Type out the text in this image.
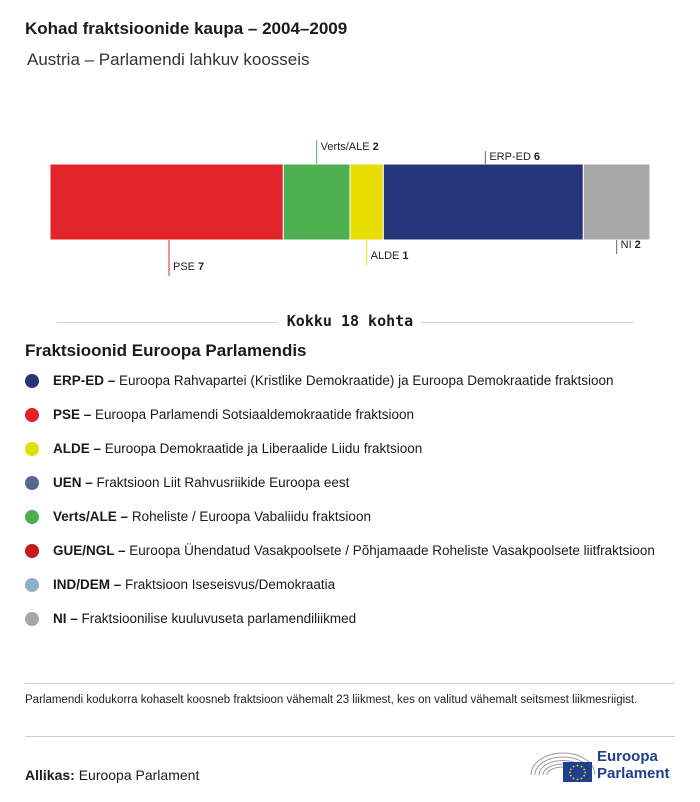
Kohad fraktsioonide kaupa – 2004–2009
Austria – Parlamendi lahkuv koosseis
PSE 7
Verts/ALE 2
ALDE 1
ERP-ED 6
NI 2
Kokku 18 kohta
Fraktsioonid Euroopa Parlamendis
ERP-ED – Euroopa Rahvapartei (Kristlike Demokraatide) ja Euroopa Demokraatide fraktsioon
PSE – Euroopa Parlamendi Sotsiaaldemokraatide fraktsioon
ALDE – Euroopa Demokraatide ja Liberaalide Liidu fraktsioon
UEN – Fraktsioon Liit Rahvusriikide Euroopa eest
Verts/ALE – Roheliste / Euroopa Vabaliidu fraktsioon
GUE/NGL – Euroopa Ühendatud Vasakpoolsete / Põhjamaade Roheliste Vasakpoolsete liitfraktsioon
IND/DEM – Fraktsioon Iseseisvus/Demokraatia
NI – Fraktsioonilise kuuluvuseta parlamendiliikmed
Parlamendi kodukorra kohaselt koosneb fraktsioon vähemalt 23 liikmest, kes on valitud vähemalt seitsmest liikmesriigist.
Allikas: Euroopa Parlament
Euroopa
Parlament
